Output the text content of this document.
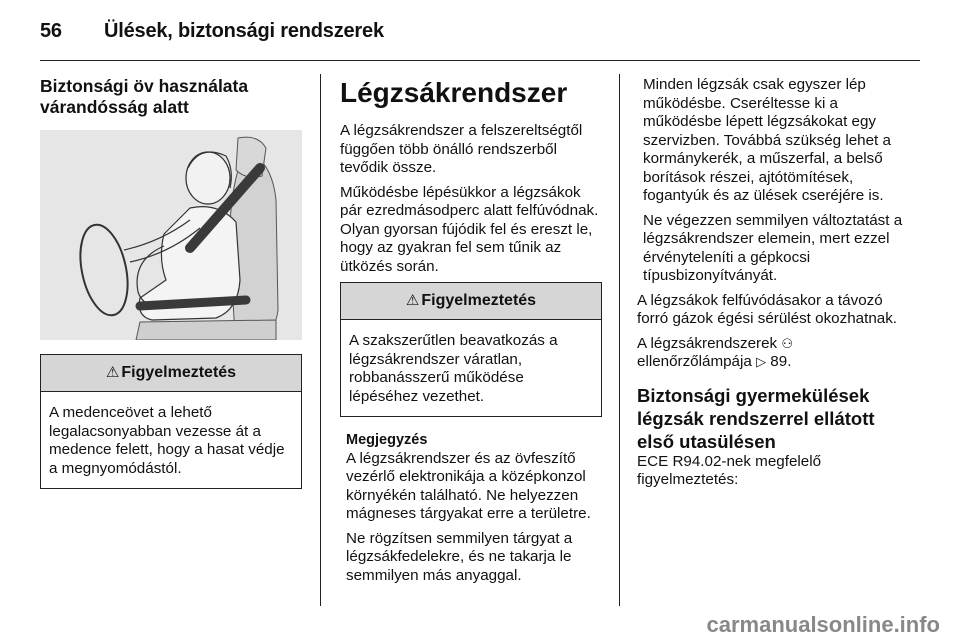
56 Ülések, biztonsági rendszerek
Biztonsági öv használata várandósság alatt
⚠ Figyelmeztetés
A medenceövet a lehető legalacsonyabban vezesse át a medence felett, hogy a hasat védje a megnyomódástól.
Légzsákrendszer

A légzsákrendszer a felszereltségtől függően több önálló rendszerből tevődik össze.

Működésbe lépésükkor a légzsákok pár ezredmásodperc alatt felfúvódnak. Olyan gyorsan fújódik fel és ereszt le, hogy az gyakran fel sem tűnik az ütközés során.

⚠ Figyelmeztetés
A szakszerűtlen beavatkozás a légzsákrendszer váratlan, robbanásszerű működése lépéséhez vezethet.
Megjegyzés

A légzsákrendszer és az övfeszítő vezérlő elektronikája a középkonzol környékén található. Ne helyezzen mágneses tárgyakat erre a területre.

Ne rögzítsen semmilyen tárgyat a légzsákfedelekre, és ne takarja le semmilyen más anyaggal.

Minden légzsák csak egyszer lép működésbe. Cseréltesse ki a működésbe lépett légzsákokat egy szervizben. Továbbá szükség lehet a kormánykerék, a műszerfal, a belső borítások részei, ajtótömítések, fogantyúk és az ülések cseréjére is.

Ne végezzen semmilyen változtatást a légzsákrendszer elemein, mert ezzel érvényteleníti a gépkocsi típusbizonyítványát.

A légzsákok felfúvódásakor a távozó forró gázok égési sérülést okozhatnak.

A légzsákrendszerek ⚇
ellenőrzőlámpája ▷ 89.

Biztonsági gyermekülések légzsák rendszerrel ellátott első utasülésen

ECE R94.02-nek megfelelő figyelmeztetés:

carmanualsonline.info
